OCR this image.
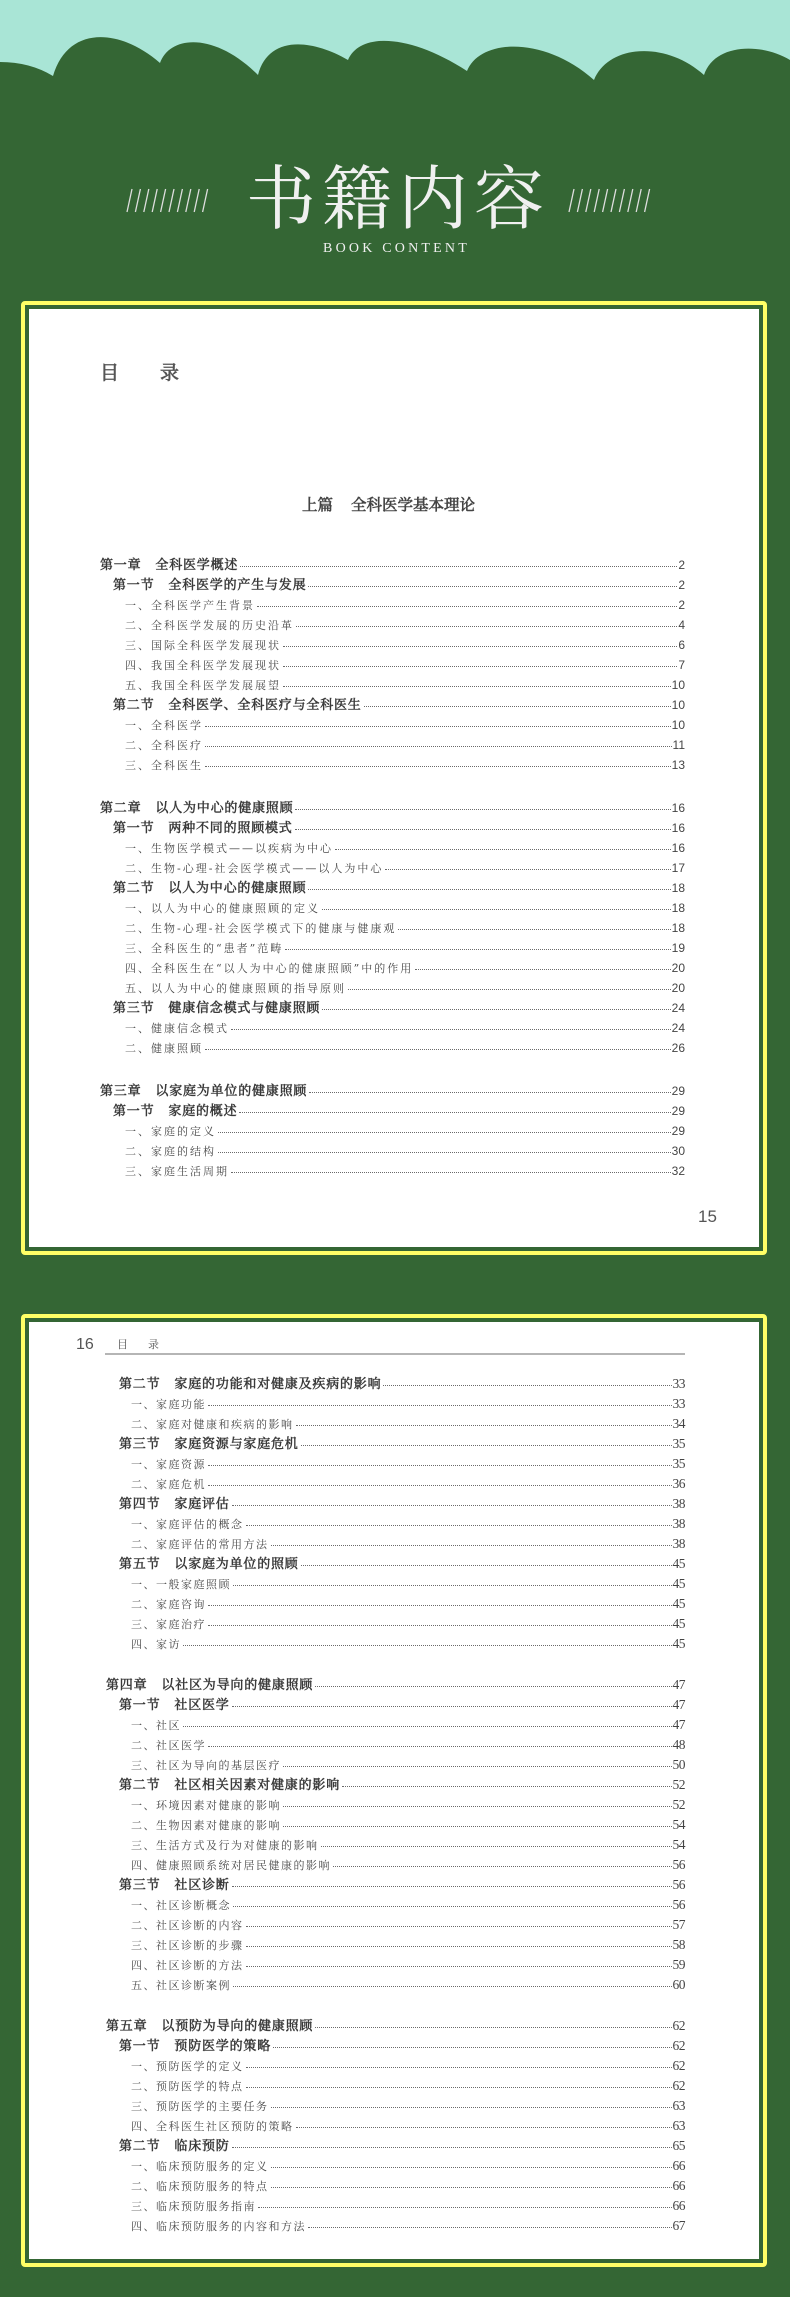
书籍内容
BOOK CONTENT
目 录
上篇 全科医学基本理论
第一章 全科医学概述	2
第一节 全科医学的产生与发展	2
一、全科医学产生背景	2
二、全科医学发展的历史沿革	4
三、国际全科医学发展现状	6
四、我国全科医学发展现状	7
五、我国全科医学发展展望	10
第二节 全科医学、全科医疗与全科医生	10
一、全科医学	10
二、全科医疗	11
三、全科医生	13
第二章 以人为中心的健康照顾	16
第一节 两种不同的照顾模式	16
一、生物医学模式——以疾病为中心	16
二、生物-心理-社会医学模式——以人为中心	17
第二节 以人为中心的健康照顾	18
一、以人为中心的健康照顾的定义	18
二、生物-心理-社会医学模式下的健康与健康观	18
三、全科医生的“患者”范畴	19
四、全科医生在“以人为中心的健康照顾”中的作用	20
五、以人为中心的健康照顾的指导原则	20
第三节 健康信念模式与健康照顾	24
一、健康信念模式	24
二、健康照顾	26
第三章 以家庭为单位的健康照顾	29
第一节 家庭的概述	29
一、家庭的定义	29
二、家庭的结构	30
三、家庭生活周期	32
15
16 目 录
第二节 家庭的功能和对健康及疾病的影响	33
一、家庭功能	33
二、家庭对健康和疾病的影响	34
第三节 家庭资源与家庭危机	35
一、家庭资源	35
二、家庭危机	36
第四节 家庭评估	38
一、家庭评估的概念	38
二、家庭评估的常用方法	38
第五节 以家庭为单位的照顾	45
一、一般家庭照顾	45
二、家庭咨询	45
三、家庭治疗	45
四、家访	45
第四章 以社区为导向的健康照顾	47
第一节 社区医学	47
一、社区	47
二、社区医学	48
三、社区为导向的基层医疗	50
第二节 社区相关因素对健康的影响	52
一、环境因素对健康的影响	52
二、生物因素对健康的影响	54
三、生活方式及行为对健康的影响	54
四、健康照顾系统对居民健康的影响	56
第三节 社区诊断	56
一、社区诊断概念	56
二、社区诊断的内容	57
三、社区诊断的步骤	58
四、社区诊断的方法	59
五、社区诊断案例	60
第五章 以预防为导向的健康照顾	62
第一节 预防医学的策略	62
一、预防医学的定义	62
二、预防医学的特点	62
三、预防医学的主要任务	63
四、全科医生社区预防的策略	63
第二节 临床预防	65
一、临床预防服务的定义	66
二、临床预防服务的特点	66
三、临床预防服务指南	66
四、临床预防服务的内容和方法	67
